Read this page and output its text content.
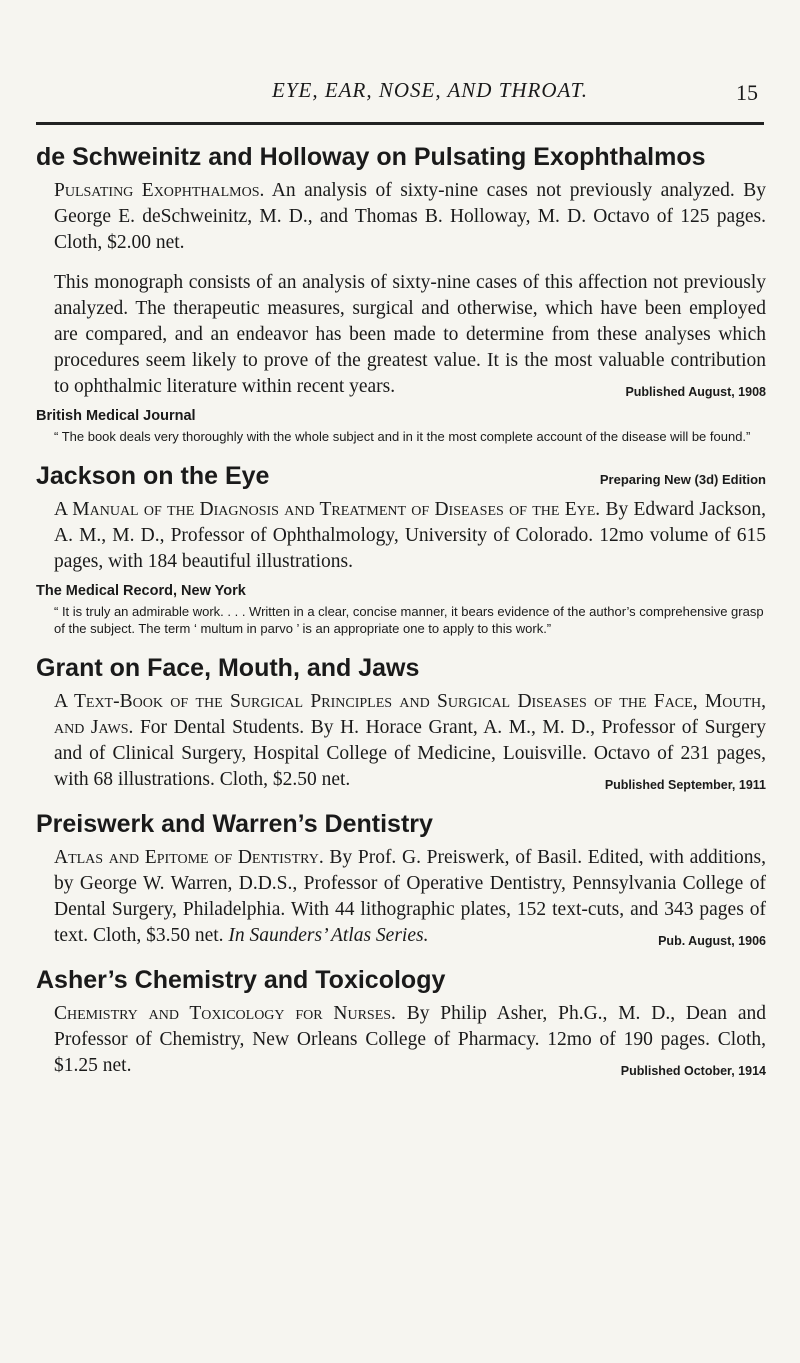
EYE, EAR, NOSE, AND THROAT.	15
de Schweinitz and Holloway on Pulsating Exophthalmos

Pulsating Exophthalmos. An analysis of sixty-nine cases not previously analyzed. By George E. deSchweinitz, M. D., and Thomas B. Holloway, M. D. Octavo of 125 pages. Cloth, $2.00 net.

This monograph consists of an analysis of sixty-nine cases of this affection not previously analyzed. The therapeutic measures, surgical and otherwise, which have been employed are compared, and an endeavor has been made to determine from these analyses which procedures seem likely to prove of the greatest value. It is the most valuable contribution to ophthalmic literature within recent years.	Published August, 1908

British Medical Journal

“ The book deals very thoroughly with the whole subject and in it the most complete account of the disease will be found.”

Jackson on the Eye	Preparing New (3d) Edition

A Manual of the Diagnosis and Treatment of Diseases of the Eye. By Edward Jackson, A. M., M. D., Professor of Ophthalmology, University of Colorado. 12mo volume of 615 pages, with 184 beautiful illustrations.

The Medical Record, New York

“ It is truly an admirable work. . . . Written in a clear, concise manner, it bears evidence of the author’s comprehensive grasp of the subject. The term ‘ multum in parvo ’ is an appropriate one to apply to this work.”

Grant on Face, Mouth, and Jaws

A Text-Book of the Surgical Principles and Surgical Diseases of the Face, Mouth, and Jaws. For Dental Students. By H. Horace Grant, A. M., M. D., Professor of Surgery and of Clinical Surgery, Hospital College of Medicine, Louisville. Octavo of 231 pages, with 68 illustrations. Cloth, $2.50 net.	Published September, 1911

Preiswerk and Warren’s Dentistry

Atlas and Epitome of Dentistry. By Prof. G. Preiswerk, of Basil. Edited, with additions, by George W. Warren, D.D.S., Professor of Operative Dentistry, Pennsylvania College of Dental Surgery, Philadelphia. With 44 lithographic plates, 152 text-cuts, and 343 pages of text. Cloth, $3.50 net. In Saunders’ Atlas Series.	Pub. August, 1906

Asher’s Chemistry and Toxicology

Chemistry and Toxicology for Nurses. By Philip Asher, Ph.G., M. D., Dean and Professor of Chemistry, New Orleans College of Pharmacy. 12mo of 190 pages. Cloth, $1.25 net.	Published October, 1914
